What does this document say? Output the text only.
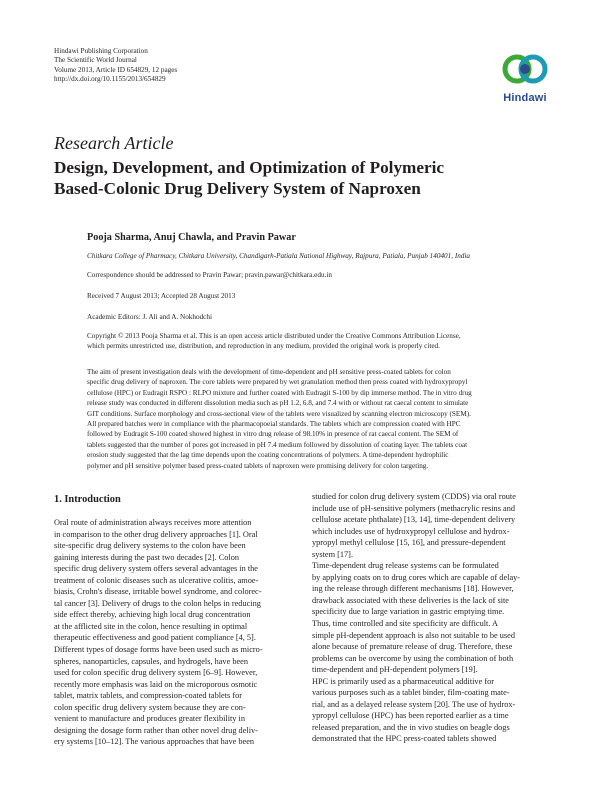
Hindawi Publishing Corporation
The Scientific World Journal
Volume 2013, Article ID 654829, 12 pages
http://dx.doi.org/10.1155/2013/654829
Hindawi
Research Article
Design, Development, and Optimization of Polymeric
Based-Colonic Drug Delivery System of Naproxen
Pooja Sharma, Anuj Chawla, and Pravin Pawar
Chitkara College of Pharmacy, Chitkara University, Chandigarh-Patiala National Highway, Rajpura, Patiala, Punjab 140401, India
Correspondence should be addressed to Pravin Pawar; pravin.pawar@chitkara.edu.in
Received 7 August 2013; Accepted 28 August 2013
Academic Editors: J. Ali and A. Nokhodchi
Copyright © 2013 Pooja Sharma et al. This is an open access article distributed under the Creative Commons Attribution License,
which permits unrestricted use, distribution, and reproduction in any medium, provided the original work is properly cited.
The aim of present investigation deals with the development of time-dependent and pH sensitive press-coated tablets for colon
specific drug delivery of naproxen. The core tablets were prepared by wet granulation method then press coated with hydroxypropyl
cellulose (HPC) or Eudragit RSPO : RLPO mixture and further coated with Eudragit S-100 by dip immerse method. The in vitro drug
release study was conducted in different dissolution media such as pH 1.2, 6.8, and 7.4 with or without rat caecal content to simulate
GIT conditions. Surface morphology and cross-sectional view of the tablets were visualized by scanning electron microscopy (SEM).
All prepared batches were in compliance with the pharmacopoeial standards. The tablets which are compression coated with HPC
followed by Eudragit S-100 coated showed highest in vitro drug release of 98.10% in presence of rat caecal content. The SEM of
tablets suggested that the number of pores got increased in pH 7.4 medium followed by dissolution of coating layer. The tablets coat
erosion study suggested that the lag time depends upon the coating concentrations of polymers. A time-dependent hydrophilic
polymer and pH sensitive polymer based press-coated tablets of naproxen were promising delivery for colon targeting.
1. Introduction
Oral route of administration always receives more attention
in comparison to the other drug delivery approaches [1]. Oral
site-specific drug delivery systems to the colon have been
gaining interests during the past two decades [2]. Colon
specific drug delivery system offers several advantages in the
treatment of colonic diseases such as ulcerative colitis, amoe-
biasis, Crohn's disease, irritable bowel syndrome, and colorec-
tal cancer [3]. Delivery of drugs to the colon helps in reducing
side effect thereby, achieving high local drug concentration
at the afflicted site in the colon, hence resulting in optimal
therapeutic effectiveness and good patient compliance [4, 5].
Different types of dosage forms have been used such as micro-
spheres, nanoparticles, capsules, and hydrogels, have been
used for colon specific drug delivery system [6–9]. However,
recently more emphasis was laid on the microporous osmotic
tablet, matrix tablets, and compression-coated tablets for
colon specific drug delivery system because they are con-
venient to manufacture and produces greater flexibility in
designing the dosage form rather than other novel drug deliv-
ery systems [10–12]. The various approaches that have been
studied for colon drug delivery system (CDDS) via oral route
include use of pH-sensitive polymers (methacrylic resins and
cellulose acetate phthalate) [13, 14], time-dependent delivery
which includes use of hydroxypropyl cellulose and hydrox-
ypropyl methyl cellulose [15, 16], and pressure-dependent
system [17].
Time-dependent drug release systems can be formulated
by applying coats on to drug cores which are capable of delay-
ing the release through different mechanisms [18]. However,
drawback associated with these deliveries is the lack of site
specificity due to large variation in gastric emptying time.
Thus, time controlled and site specificity are difficult. A
simple pH-dependent approach is also not suitable to be used
alone because of premature release of drug. Therefore, these
problems can be overcome by using the combination of both
time-dependent and pH-dependent polymers [19].
HPC is primarily used as a pharmaceutical additive for
various purposes such as a tablet binder, film-coating mate-
rial, and as a delayed release system [20]. The use of hydrox-
ypropyl cellulose (HPC) has been reported earlier as a time
released preparation, and the in vivo studies on beagle dogs
demonstrated that the HPC press-coated tablets showed
